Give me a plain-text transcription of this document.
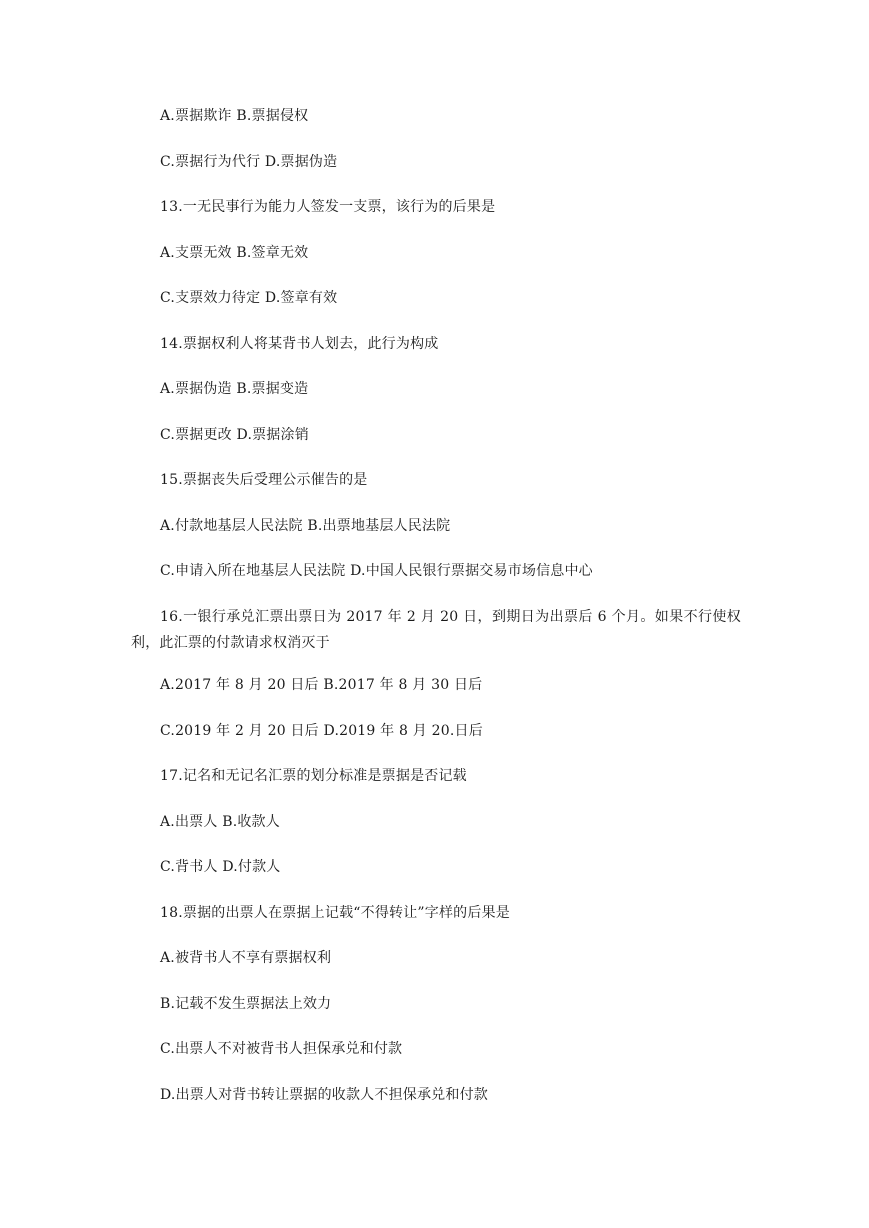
A.票据欺诈 B.票据侵权
C.票据行为代行 D.票据伪造
13.一无民事行为能力人签发一支票，该行为的后果是
A.支票无效 B.签章无效
C.支票效力待定 D.签章有效
14.票据权利人将某背书人划去，此行为构成
A.票据伪造 B.票据变造
C.票据更改 D.票据涂销
15.票据丧失后受理公示催告的是
A.付款地基层人民法院 B.出票地基层人民法院
C.申请入所在地基层人民法院 D.中国人民银行票据交易市场信息中心
16.一银行承兑汇票出票日为 2017 年 2 月 20 日，到期日为出票后 6 个月。如果不行使权利，此汇票的付款请求权消灭于
A.2017 年 8 月 20 日后 B.2017 年 8 月 30 日后
C.2019 年 2 月 20 日后 D.2019 年 8 月 20.日后
17.记名和无记名汇票的划分标准是票据是否记载
A.出票人 B.收款人
C.背书人 D.付款人
18.票据的出票人在票据上记载“不得转让”字样的后果是
A.被背书人不享有票据权利
B.记载不发生票据法上效力
C.出票人不对被背书人担保承兑和付款
D.出票人对背书转让票据的收款人不担保承兑和付款
